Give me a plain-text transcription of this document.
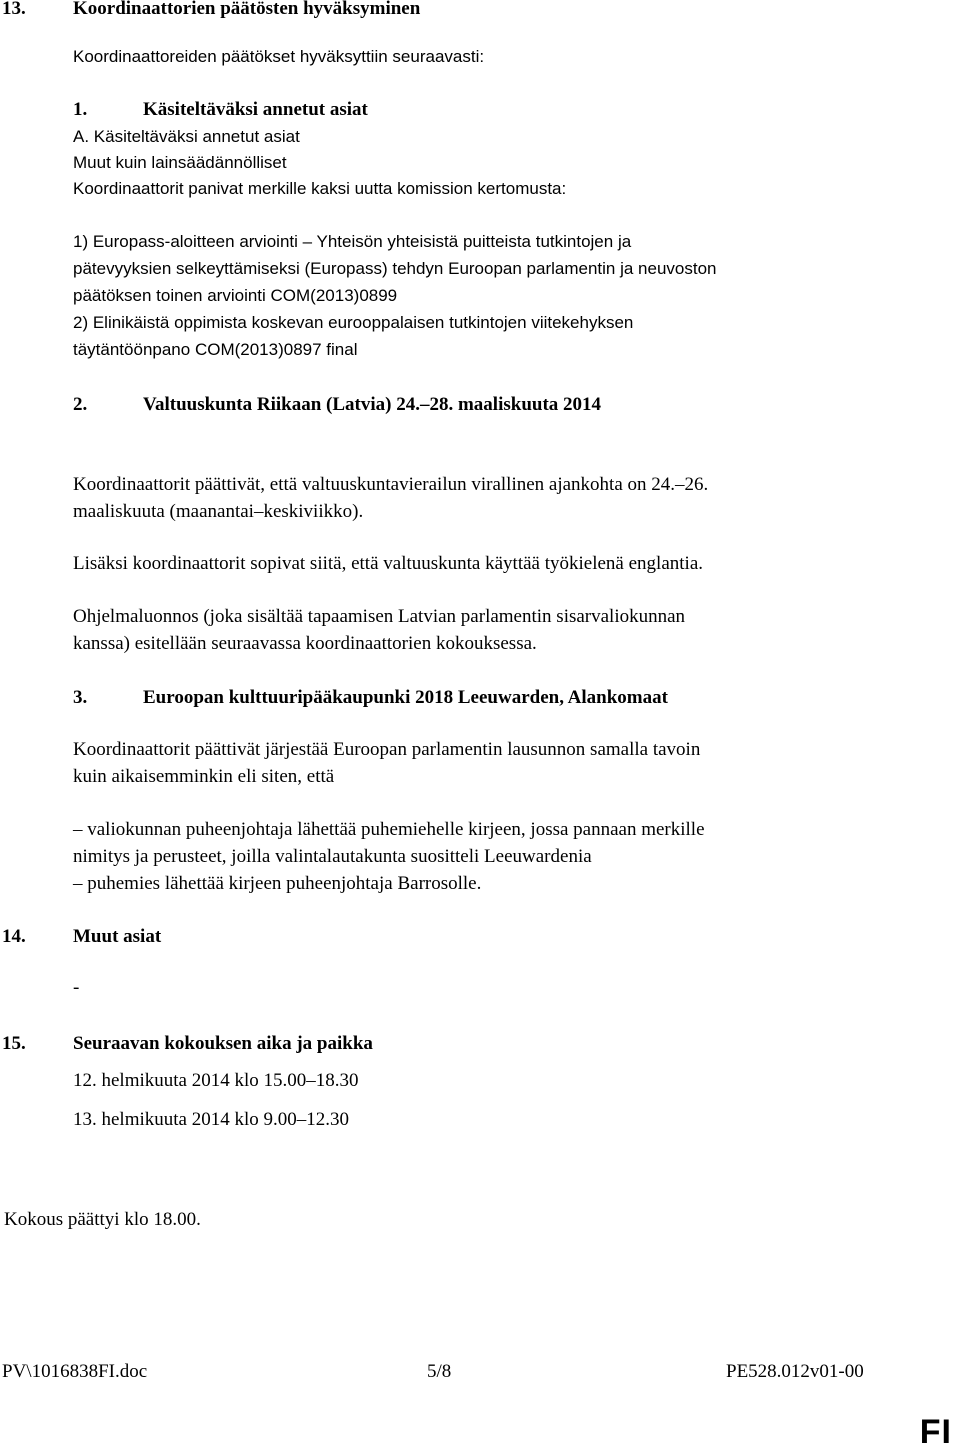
13. Koordinaattorien päätösten hyväksyminen
Koordinaattoreiden päätökset hyväksyttiin seuraavasti:
1.	Käsiteltäväksi annetut asiat
A. Käsiteltäväksi annetut asiat
Muut kuin lainsäädännölliset
Koordinaattorit panivat merkille kaksi uutta komission kertomusta:
1) Europass-aloitteen arviointi – Yhteisön yhteisistä puitteista tutkintojen ja
pätevyyksien selkeyttämiseksi (Europass) tehdyn Euroopan parlamentin ja neuvoston
päätöksen toinen arviointi COM(2013)0899
2) Elinikäistä oppimista koskevan eurooppalaisen tutkintojen viitekehyksen
täytäntöönpano COM(2013)0897 final
2.	Valtuuskunta Riikaan (Latvia) 24.–28. maaliskuuta 2014
Koordinaattorit päättivät, että valtuuskuntavierailun virallinen ajankohta on 24.–26.
maaliskuuta (maanantai–keskiviikko).
Lisäksi koordinaattorit sopivat siitä, että valtuuskunta käyttää työkielenä englantia.
Ohjelmaluonnos (joka sisältää tapaamisen Latvian parlamentin sisarvaliokunnan
kanssa) esitellään seuraavassa koordinaattorien kokouksessa.
3.	Euroopan kulttuuripääkaupunki 2018 Leeuwarden, Alankomaat
Koordinaattorit päättivät järjestää Euroopan parlamentin lausunnon samalla tavoin
kuin aikaisemminkin eli siten, että
– valiokunnan puheenjohtaja lähettää puhemiehelle kirjeen, jossa pannaan merkille
nimitys ja perusteet, joilla valintalautakunta suositteli Leeuwardenia
– puhemies lähettää kirjeen puheenjohtaja Barrosolle.
14. Muut asiat
-
15. Seuraavan kokouksen aika ja paikka
12. helmikuuta 2014 klo 15.00–18.30
13. helmikuuta 2014 klo 9.00–12.30
Kokous päättyi klo 18.00.
PV\1016838FI.doc	5/8	PE528.012v01-00
FI
